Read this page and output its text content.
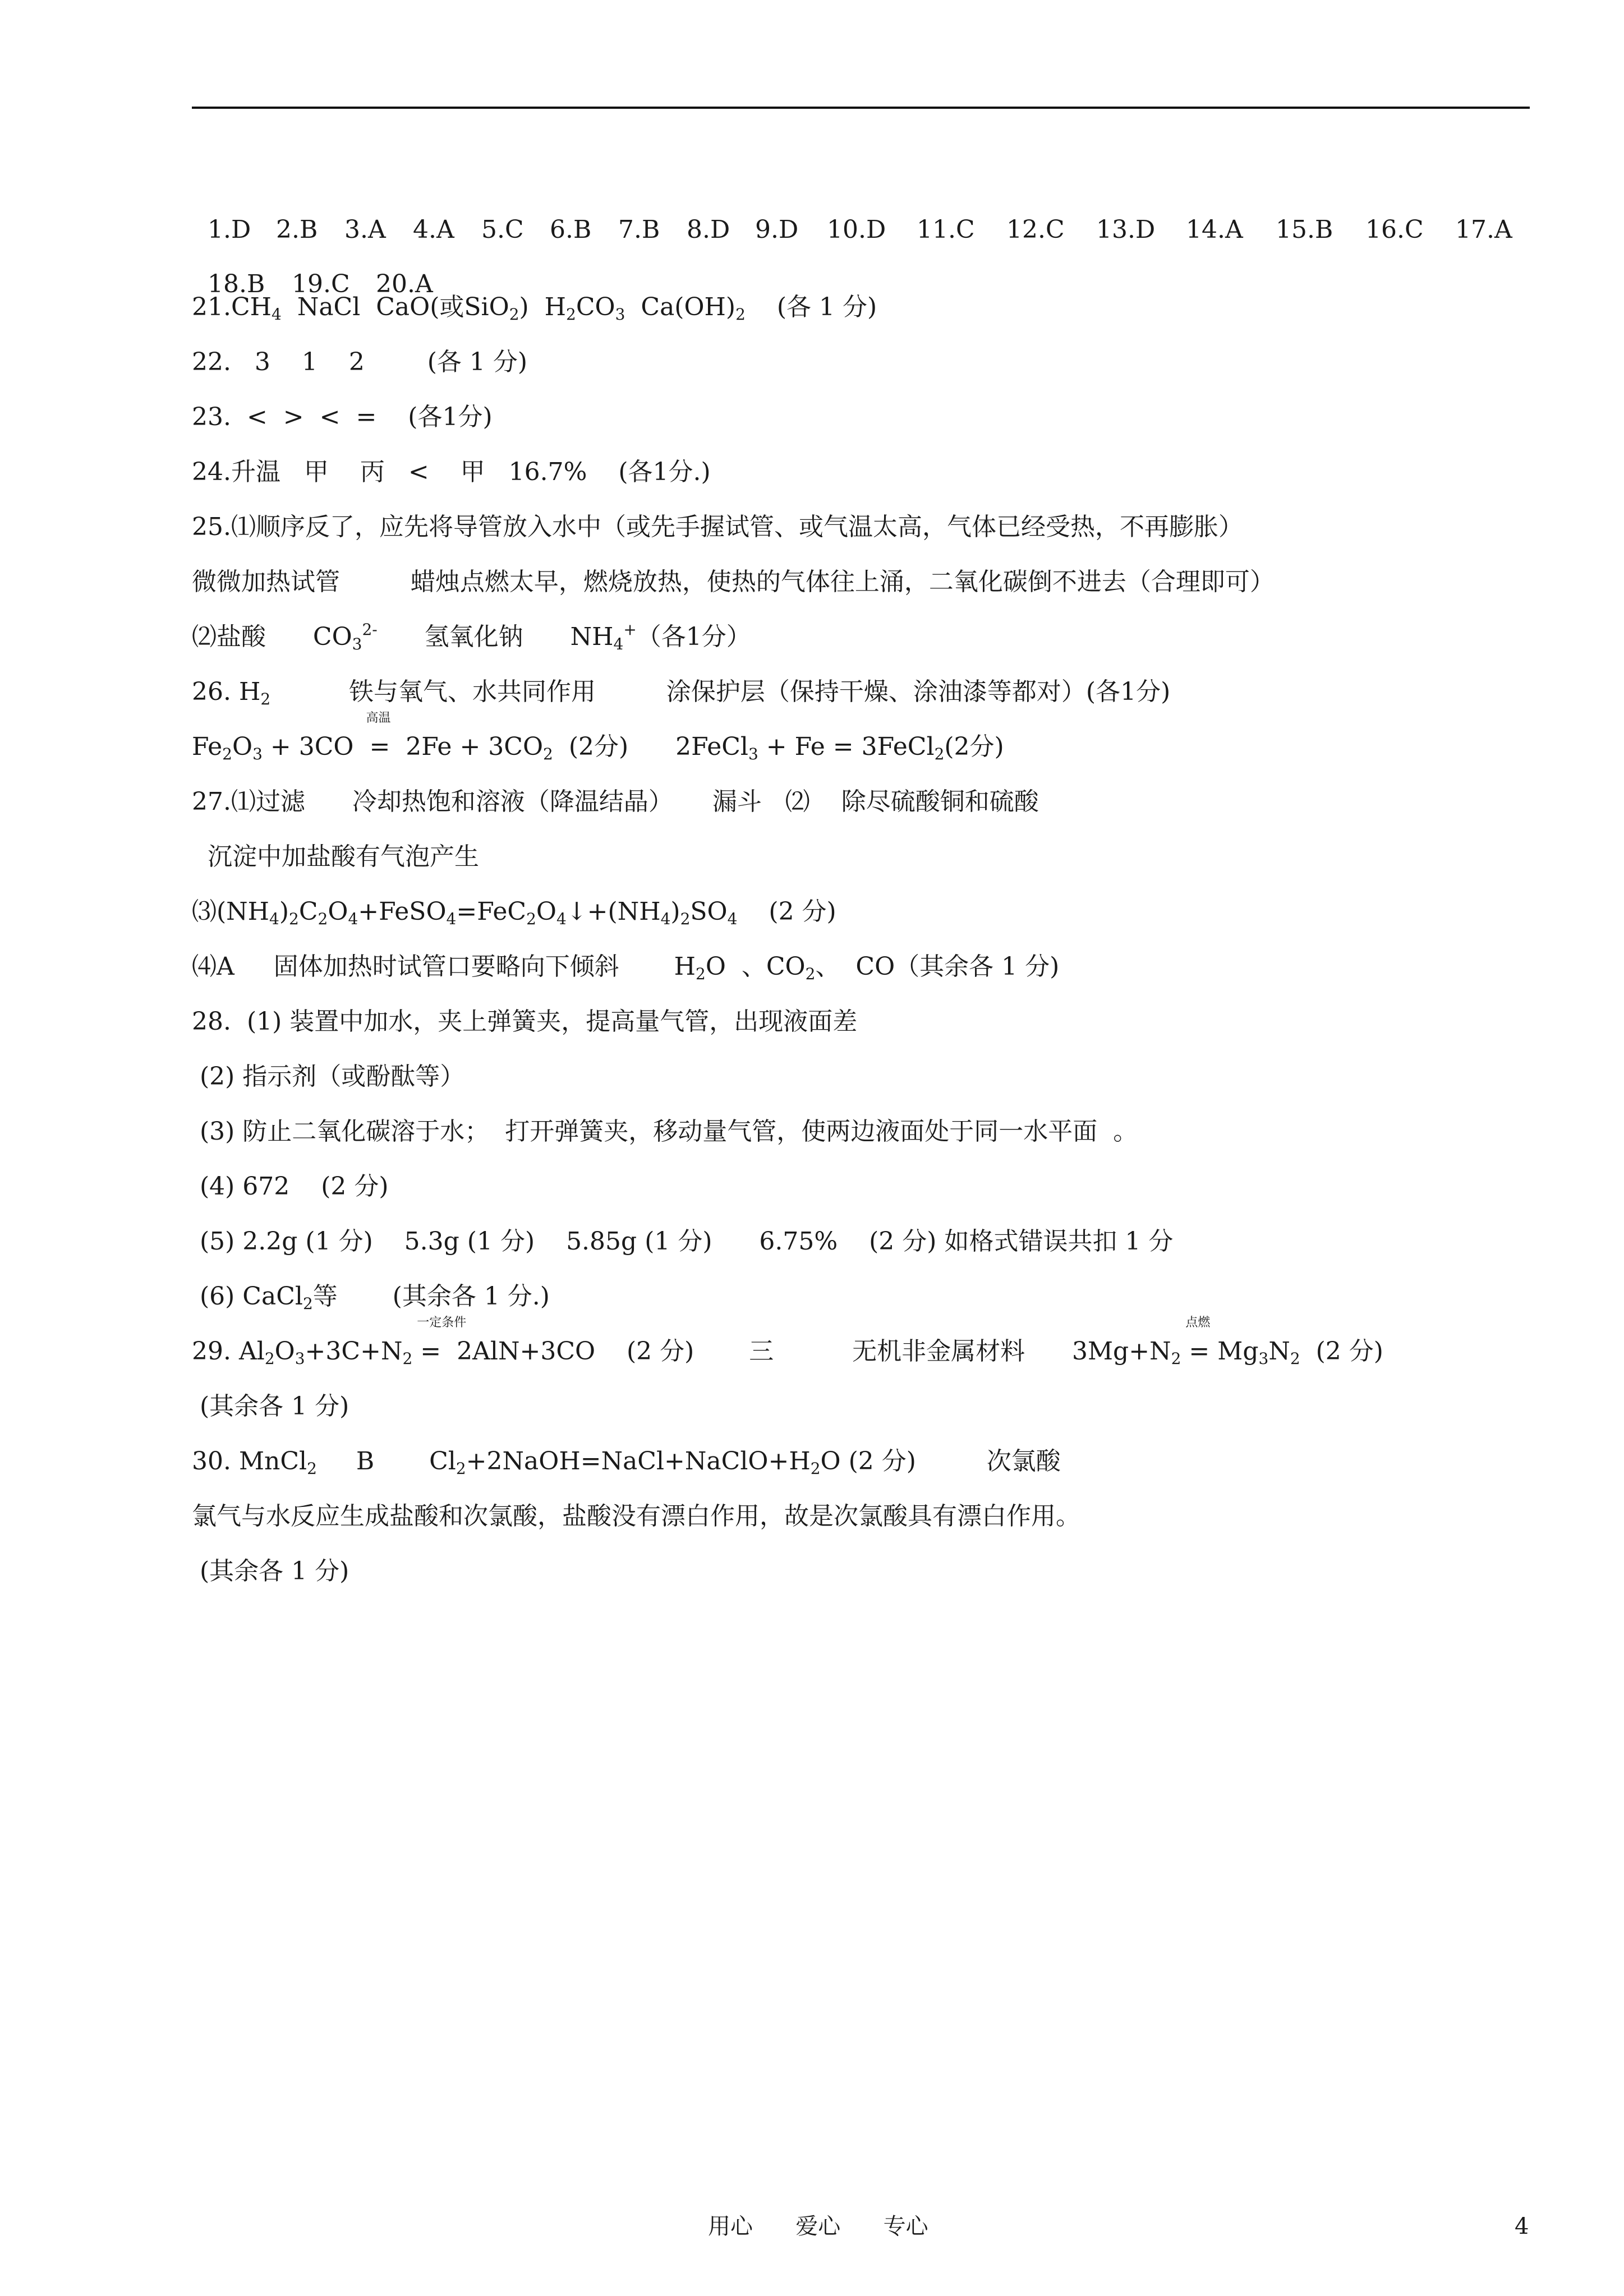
1.D 2.B 3.A 4.A 5.C 6.B 7.B 8.D 9.D 10.D 11.C 12.C 13.D 14.A 15.B 16.C 17.A

18.B 19.C 20.A

$21.CH_4$  NaCl  CaO(或SiO$_2$)  $H_2CO_3$  $Ca(OH)_2$    (各 1 分)
22.   3    1    2        (各 1 分)
23.  <  >  <  =    (各1分)
24.升温   甲    丙   <    甲   16.7%    (各1分.)
25.⑴顺序反了，应先将导管放入水中（或先手握试管、或气温太高，气体已经受热，不再膨胀）
微微加热试管         蜡烛点燃太早，燃烧放热，使热的气体往上涌，二氧化碳倒不进去（合理即可）
⑵盐酸      $CO_3^{2-}$      氢氧化钠      $NH_4^+$（各1分）
26. $H_2$          铁与氧气、水共同作用         涂保护层（保持干燥、涂油漆等都对）(各1分)
$Fe_2O_3 + 3CO$
高温
=  $2Fe + 3CO_2$  (2分)      2FeCl$_3$ + Fe = 3FeCl$_2$(2分)
27.⑴过滤      冷却热饱和溶液（降温结晶）     漏斗   ⑵    除尽硫酸铜和硫酸
沉淀中加盐酸有气泡产生
$⑶(NH_4)_2C_2O_4+FeSO_4=FeC_2O_4↓+(NH_4)_2SO_4$    (2 分)
⑷A     固体加热时试管口要略向下倾斜       $H_2O$  、$CO_2$、  CO（其余各 1 分)
28.  (1) 装置中加水，夹上弹簧夹，提高量气管，出现液面差
(2) 指示剂（或酚酞等）
(3) 防止二氧化碳溶于水；  打开弹簧夹，移动量气管，使两边液面处于同一水平面  。
(4) 672    (2 分)
(5) 2.2g (1 分)    5.3g (1 分)    5.85g (1 分)      6.75%    (2 分) 如格式错误共扣 1 分
(6) CaCl$_2$等       (其余各 1 分.)
29. $Al_2O_3+3C+N_2$
一定条件
=  2AlN+3CO    (2 分)       三          无机非金属材料      $3Mg+N_2$
点燃
= $Mg_3N_2$  (2 分)
(其余各 1 分)
30. MnCl$_2$     B       $Cl_2+2NaOH=NaCl+NaClO+H_2O$ (2 分)         次氯酸
氯气与水反应生成盐酸和次氯酸，盐酸没有漂白作用，故是次氯酸具有漂白作用。
(其余各 1 分)
用心      爱心      专心	4
